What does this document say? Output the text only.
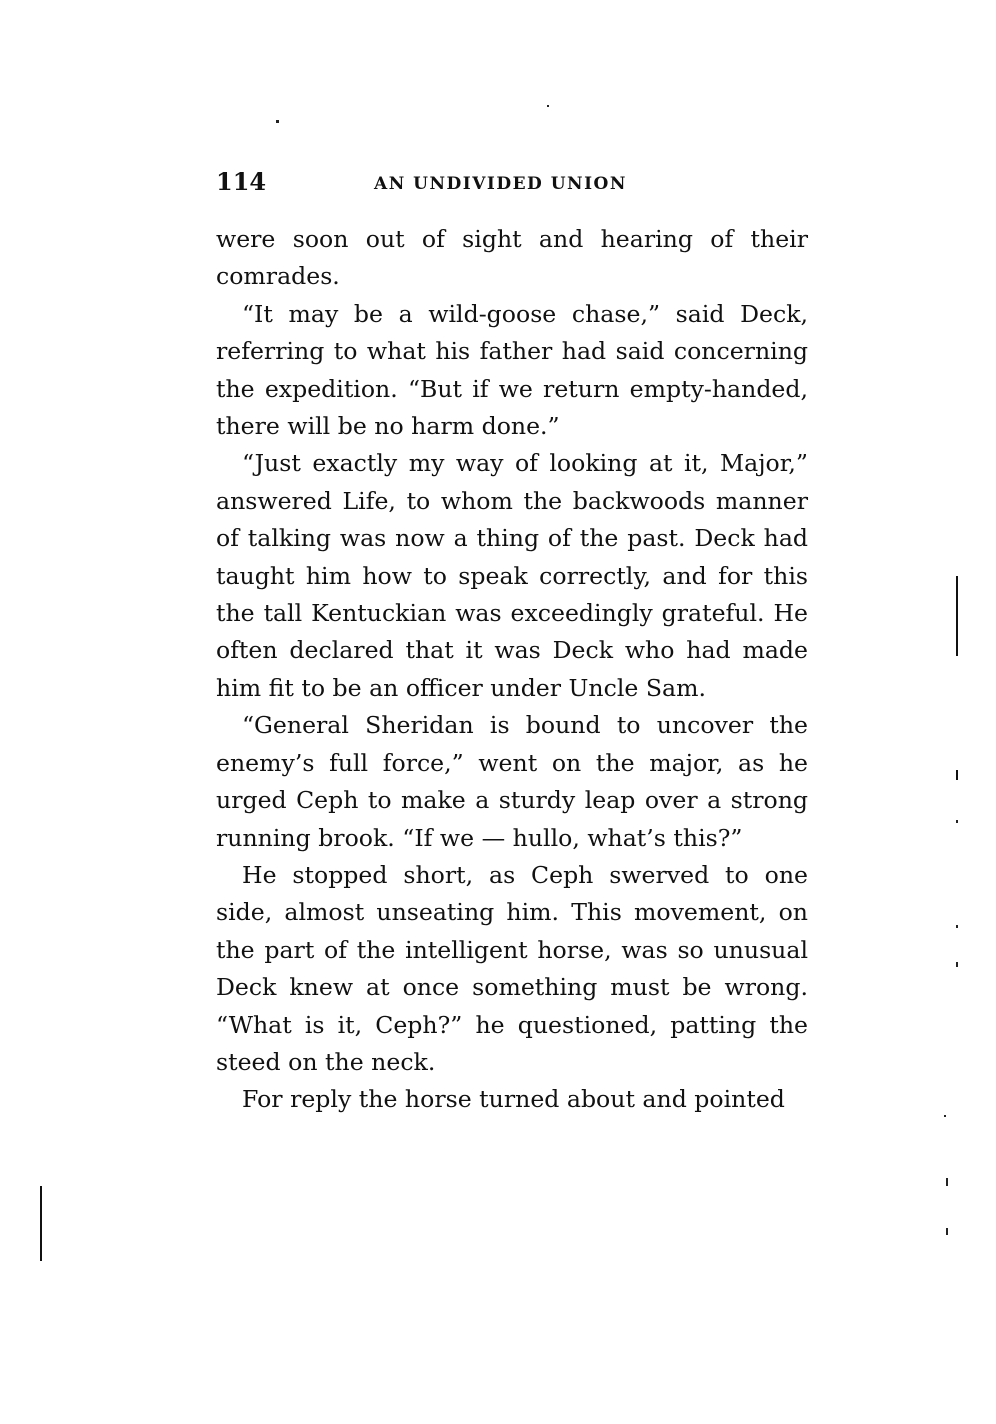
114	AN UNDIVIDED UNION

were soon out of sight and hearing of their comrades.

“It may be a wild-goose chase,” said Deck, referring to what his father had said concerning the expedition. “But if we return empty-handed, there will be no harm done.”

“Just exactly my way of looking at it, Major,” answered Life, to whom the backwoods manner of talking was now a thing of the past. Deck had taught him how to speak correctly, and for this the tall Kentuckian was exceedingly grateful. He often declared that it was Deck who had made him fit to be an officer under Uncle Sam.

“General Sheridan is bound to uncover the enemy’s full force,” went on the major, as he urged Ceph to make a sturdy leap over a strong running brook. “If we — hullo, what’s this?”

He stopped short, as Ceph swerved to one side, almost unseating him. This movement, on the part of the intelligent horse, was so unusual Deck knew at once something must be wrong. “What is it, Ceph?” he questioned, patting the steed on the neck.

For reply the horse turned about and pointed
